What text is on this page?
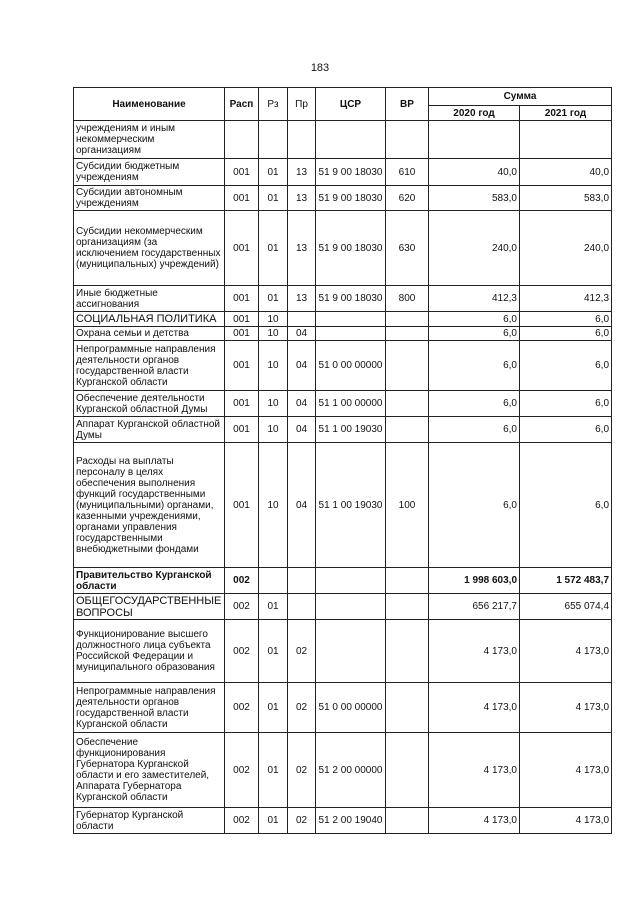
183
Наименование	Расп	Рз	Пр	ЦСР	ВР	Сумма	
						2020 год	2021 год
учреждениям и иным некоммерческим организациям							
Субсидии бюджетным учреждениям	001	01	13	51 9 00 18030	610	40,0	40,0
Субсидии автономным учреждениям	001	01	13	51 9 00 18030	620	583,0	583,0
Субсидии некоммерческим организациям (за исключением государственных (муниципальных) учреждений)	001	01	13	51 9 00 18030	630	240,0	240,0
Иные бюджетные ассигнования	001	01	13	51 9 00 18030	800	412,3	412,3
СОЦИАЛЬНАЯ ПОЛИТИКА	001	10				6,0	6,0
Охрана семьи и детства	001	10	04			6,0	6,0
Непрограммные направления деятельности органов государственной власти Курганской области	001	10	04	51 0 00 00000		6,0	6,0
Обеспечение деятельности Курганской областной Думы	001	10	04	51 1 00 00000		6,0	6,0
Аппарат Курганской областной Думы	001	10	04	51 1 00 19030		6,0	6,0
Расходы на выплаты персоналу в целях обеспечения выполнения функций государственными (муниципальными) органами, казенными учреждениями, органами управления государственными внебюджетными фондами	001	10	04	51 1 00 19030	100	6,0	6,0
Правительство Курганской области	002					1 998 603,0	1 572 483,7
ОБЩЕГОСУДАРСТВЕННЫЕ ВОПРОСЫ	002	01				656 217,7	655 074,4
Функционирование высшего должностного лица субъекта Российской Федерации и муниципального образования	002	01	02			4 173,0	4 173,0
Непрограммные направления деятельности органов государственной власти Курганской области	002	01	02	51 0 00 00000		4 173,0	4 173,0
Обеспечение функционирования Губернатора Курганской области и его заместителей, Аппарата Губернатора Курганской области	002	01	02	51 2 00 00000		4 173,0	4 173,0
Губернатор Курганской области	002	01	02	51 2 00 19040		4 173,0	4 173,0
